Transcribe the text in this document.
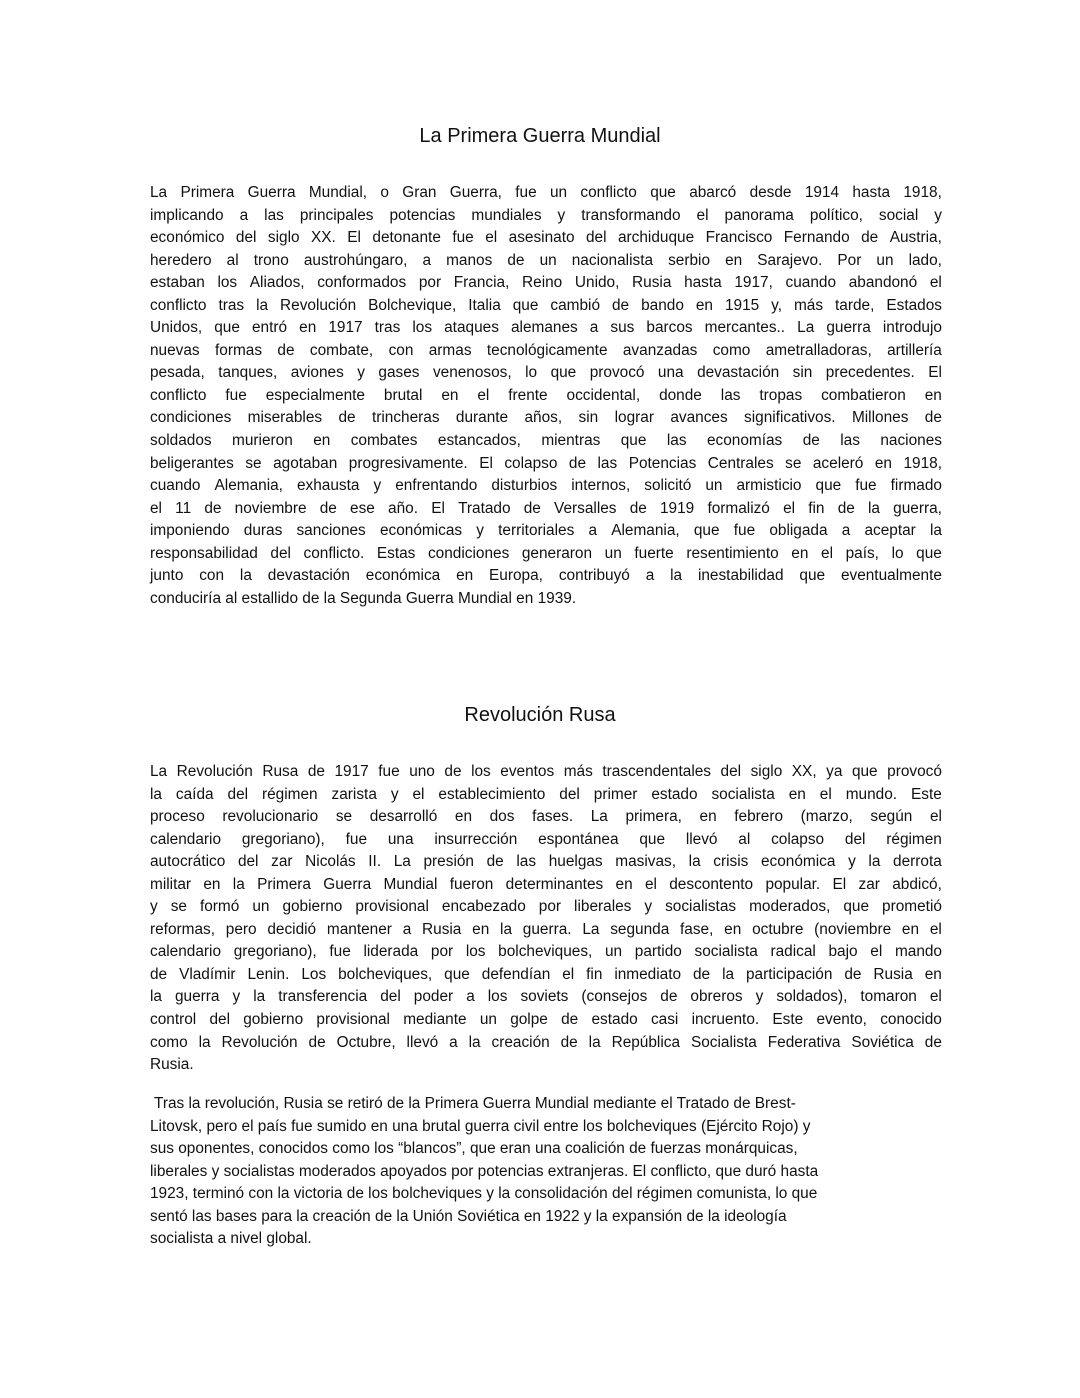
La Primera Guerra Mundial
La Primera Guerra Mundial, o Gran Guerra, fue un conflicto que abarcó desde 1914 hasta 1918,
implicando a las principales potencias mundiales y transformando el panorama político, social y
económico del siglo XX. El detonante fue el asesinato del archiduque Francisco Fernando de Austria,
heredero al trono austrohúngaro, a manos de un nacionalista serbio en Sarajevo. Por un lado,
estaban los Aliados, conformados por Francia, Reino Unido, Rusia hasta 1917, cuando abandonó el
conflicto tras la Revolución Bolchevique, Italia que cambió de bando en 1915 y, más tarde, Estados
Unidos, que entró en 1917 tras los ataques alemanes a sus barcos mercantes.. La guerra introdujo
nuevas formas de combate, con armas tecnológicamente avanzadas como ametralladoras, artillería
pesada, tanques, aviones y gases venenosos, lo que provocó una devastación sin precedentes. El
conflicto fue especialmente brutal en el frente occidental, donde las tropas combatieron en
condiciones miserables de trincheras durante años, sin lograr avances significativos. Millones de
soldados murieron en combates estancados, mientras que las economías de las naciones
beligerantes se agotaban progresivamente. El colapso de las Potencias Centrales se aceleró en 1918,
cuando Alemania, exhausta y enfrentando disturbios internos, solicitó un armisticio que fue firmado
el 11 de noviembre de ese año. El Tratado de Versalles de 1919 formalizó el fin de la guerra,
imponiendo duras sanciones económicas y territoriales a Alemania, que fue obligada a aceptar la
responsabilidad del conflicto. Estas condiciones generaron un fuerte resentimiento en el país, lo que
junto con la devastación económica en Europa, contribuyó a la inestabilidad que eventualmente
conduciría al estallido de la Segunda Guerra Mundial en 1939.
Revolución Rusa
La Revolución Rusa de 1917 fue uno de los eventos más trascendentales del siglo XX, ya que provocó
la caída del régimen zarista y el establecimiento del primer estado socialista en el mundo. Este
proceso revolucionario se desarrolló en dos fases. La primera, en febrero (marzo, según el
calendario gregoriano), fue una insurrección espontánea que llevó al colapso del régimen
autocrático del zar Nicolás II. La presión de las huelgas masivas, la crisis económica y la derrota
militar en la Primera Guerra Mundial fueron determinantes en el descontento popular. El zar abdicó,
y se formó un gobierno provisional encabezado por liberales y socialistas moderados, que prometió
reformas, pero decidió mantener a Rusia en la guerra. La segunda fase, en octubre (noviembre en el
calendario gregoriano), fue liderada por los bolcheviques, un partido socialista radical bajo el mando
de Vladímir Lenin. Los bolcheviques, que defendían el fin inmediato de la participación de Rusia en
la guerra y la transferencia del poder a los soviets (consejos de obreros y soldados), tomaron el
control del gobierno provisional mediante un golpe de estado casi incruento. Este evento, conocido
como la Revolución de Octubre, llevó a la creación de la República Socialista Federativa Soviética de
Rusia.
Tras la revolución, Rusia se retiró de la Primera Guerra Mundial mediante el Tratado de Brest-
Litovsk, pero el país fue sumido en una brutal guerra civil entre los bolcheviques (Ejército Rojo) y
sus oponentes, conocidos como los “blancos”, que eran una coalición de fuerzas monárquicas,
liberales y socialistas moderados apoyados por potencias extranjeras. El conflicto, que duró hasta
1923, terminó con la victoria de los bolcheviques y la consolidación del régimen comunista, lo que
sentó las bases para la creación de la Unión Soviética en 1922 y la expansión de la ideología
socialista a nivel global.
